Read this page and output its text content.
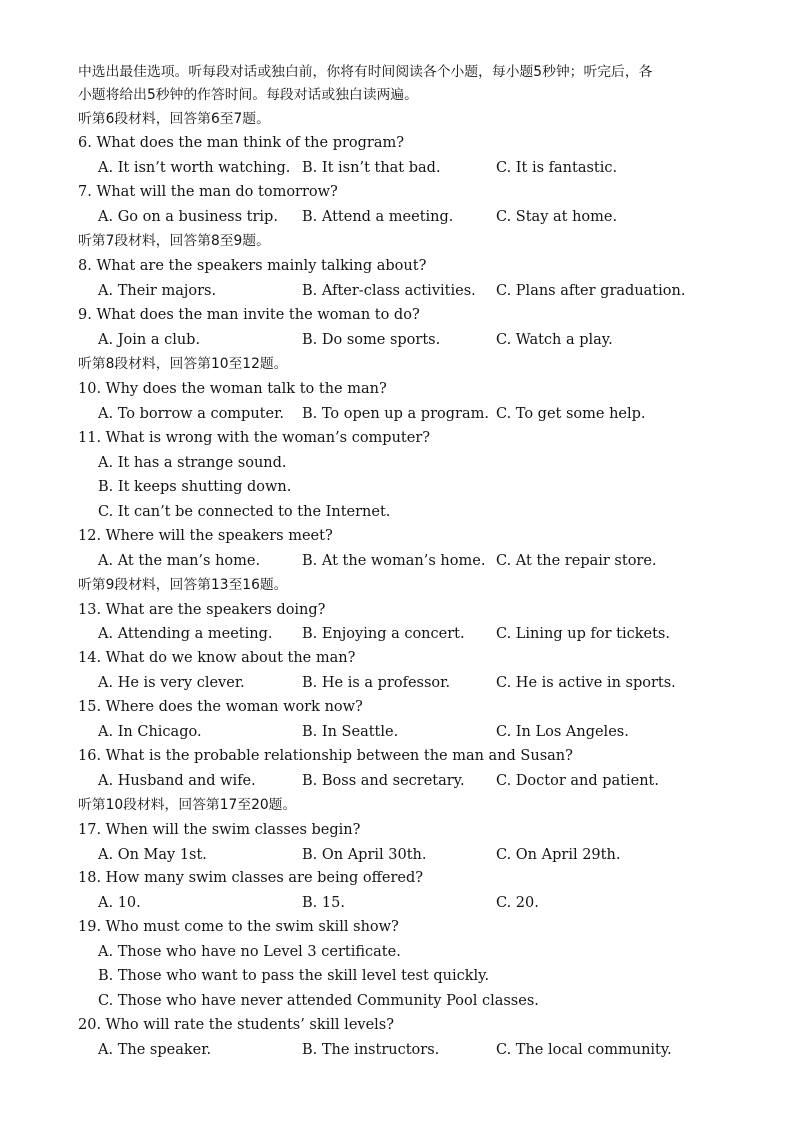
中选出最佳选项。听每段对话或独白前，你将有时间阅读各个小题，每小题5秒钟；听完后，各
小题将给出5秒钟的作答时间。每段对话或独白读两遍。
听第6段材料，回答第6至7题。
6. What does the man think of the program?
A. It isn’t worth watching. B. It isn’t that bad.	C. It is fantastic.
7. What will the man do tomorrow?
A. Go on a business trip. B. Attend a meeting.	C. Stay at home.
听第7段材料，回答第8至9题。
8. What are the speakers mainly talking about?
A. Their majors.	B. After-class activities. C. Plans after graduation.
9. What does the man invite the woman to do?
A. Join a club.	B. Do some sports.	C. Watch a play.
听第8段材料，回答第10至12题。
10. Why does the woman talk to the man?
A. To borrow a computer. B. To open up a program. C. To get some help.
11. What is wrong with the woman’s computer?
A. It has a strange sound.
B. It keeps shutting down.
C. It can’t be connected to the Internet.
12. Where will the speakers meet?
A. At the man’s home.	B. At the woman’s home. C. At the repair store.
听第9段材料，回答第13至16题。
13. What are the speakers doing?
A. Attending a meeting. B. Enjoying a concert. C. Lining up for tickets.
14. What do we know about the man?
A. He is very clever.	B. He is a professor.	C. He is active in sports.
15. Where does the woman work now?
A. In Chicago.	B. In Seattle.	C. In Los Angeles.
16. What is the probable relationship between the man and Susan?
A. Husband and wife.	B. Boss and secretary. C. Doctor and patient.
听第10段材料，回答第17至20题。
17. When will the swim classes begin?
A. On May 1st.	B. On April 30th.	C. On April 29th.
18. How many swim classes are being offered?
A. 10.	B. 15.	C. 20.
19. Who must come to the swim skill show?
A. Those who have no Level 3 certificate.
B. Those who want to pass the skill level test quickly.
C. Those who have never attended Community Pool classes.
20. Who will rate the students’ skill levels?
A. The speaker.	B. The instructors.	C. The local community.
